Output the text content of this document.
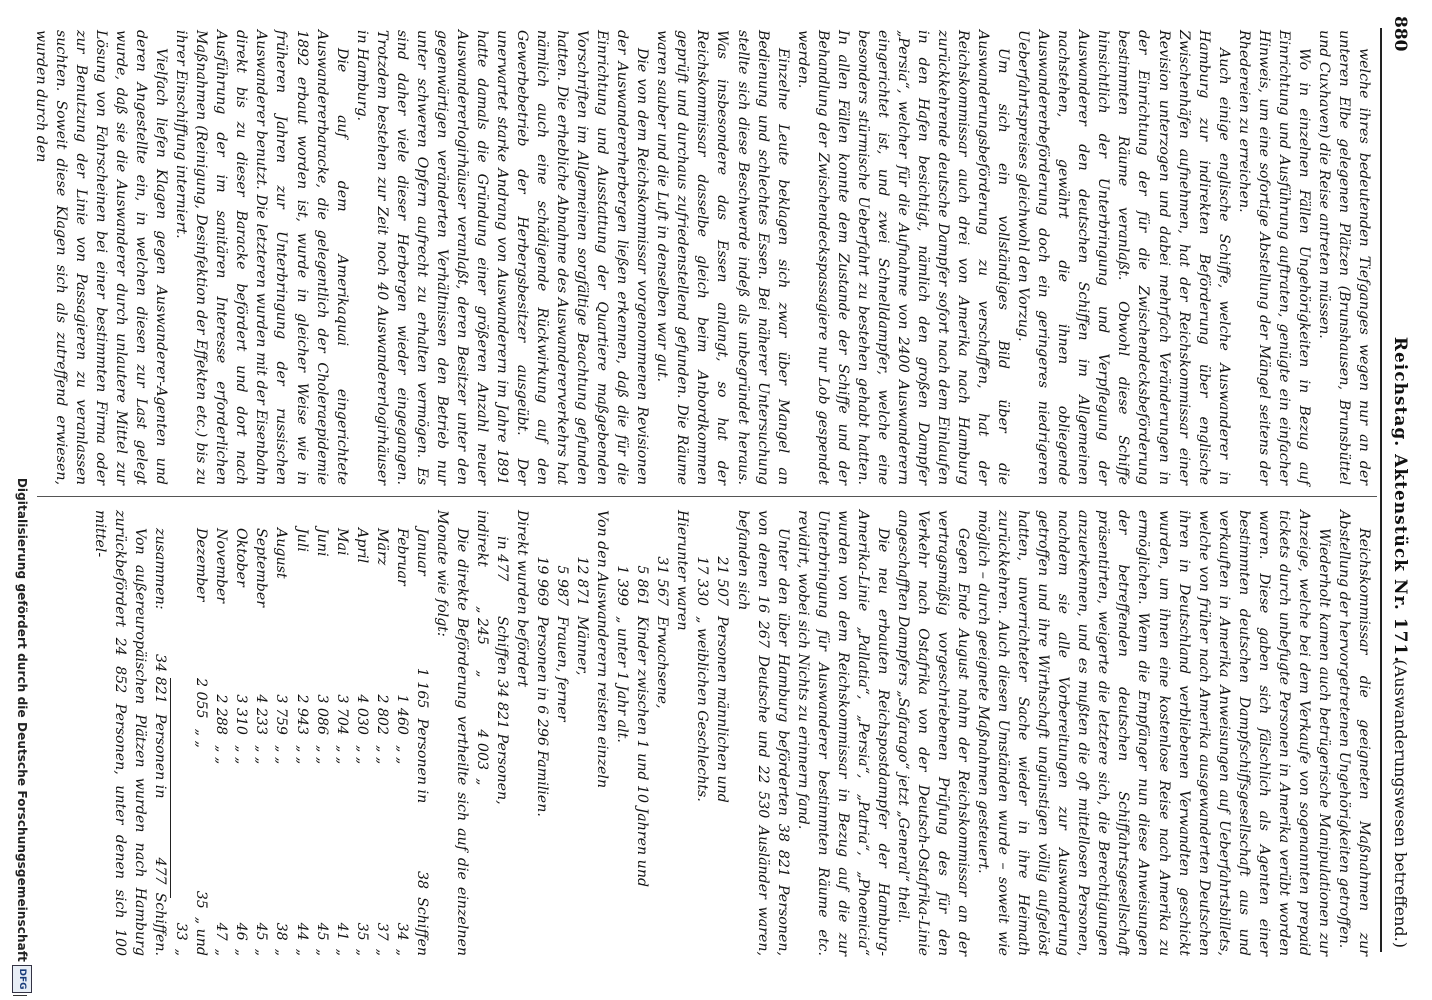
880
Reichstag. Aktenstück Nr. 171.
(Auswanderungswesen betreffend.)

welche ihres bedeutenden Tiefganges wegen nur an der unteren Elbe gelegenen Plätzen (Brunshausen, Brunsbüttel und Cuxhaven) die Reise antreten müssen.

Wo in einzelnen Fällen Ungehörigkeiten in Bezug auf Einrichtung und Ausführung auftraten, genügte ein einfacher Hinweis, um eine sofortige Abstellung der Mängel seitens der Rhedereien zu erreichen.

Auch einige englische Schiffe, welche Auswanderer in Hamburg zur indirekten Beförderung über englische Zwischenhäfen aufnehmen, hat der Reichskommissar einer Revision unterzogen und dabei mehrfach Veränderungen in der Einrichtung der für die Zwischendecksbeförderung bestimmten Räume veranlaßt. Obwohl diese Schiffe hinsichtlich der Unterbringung und Verpflegung der Auswanderer den deutschen Schiffen im Allgemeinen nachstehen, gewährt die ihnen obliegende Auswandererbeförderung doch ein geringeres niedrigeren Ueberfahrtspreises gleichwohl den Vorzug.

Um sich ein vollständiges Bild über die Auswanderungsbeförderung zu verschaffen, hat der Reichskommissar auch drei von Amerika nach Hamburg zurückkehrende deutsche Dampfer sofort nach dem Einlaufen in den Hafen besichtigt, nämlich den großen Dampfer „Persia“, welcher für die Aufnahme von 2400 Auswanderern eingerichtet ist, und zwei Schnelldampfer, welche eine besonders stürmische Ueberfahrt zu bestehen gehabt hatten. In allen Fällen konnte dem Zustande der Schiffe und der Behandlung der Zwischendeckspassagiere nur Lob gespendet werden.

Einzelne Leute beklagen sich zwar über Mangel an Bedienung und schlechtes Essen. Bei näherer Untersuchung stellte sich diese Beschwerde indeß als unbegründet heraus. Was insbesondere das Essen anlangt, so hat der Reichskommissar dasselbe gleich beim Anbordkommen geprüft und durchaus zufriedenstellend gefunden. Die Räume waren sauber und die Luft in denselben war gut.

Die von dem Reichskommissar vorgenommenen Revisionen der Auswandererherbergen ließen erkennen, daß die für die Einrichtung und Ausstattung der Quartiere maßgebenden Vorschriften im Allgemeinen sorgfältige Beachtung gefunden hatten. Die erhebliche Abnahme des Auswandererverkehrs hat nämlich auch eine schädigende Rückwirkung auf den Gewerbebetrieb der Herbergsbesitzer ausgeübt. Der unerwartet starke Andrang von Auswanderern im Jahre 1891 hatte damals die Gründung einer größeren Anzahl neuer Auswandererlogirhäuser veranlaßt, deren Besitzer unter den gegenwärtigen veränderten Verhältnissen den Betrieb nur unter schweren Opfern aufrecht zu erhalten vermögen. Es sind daher viele dieser Herbergen wieder eingegangen. Trotzdem bestehen zur Zeit noch 40 Auswandererlogirhäuser in Hamburg.

Die auf dem Amerikaquai eingerichtete Auswandererbaracke, die gelegentlich der Choleraepidemie 1892 erbaut worden ist, wurde in gleicher Weise wie in früheren Jahren zur Unterbringung der russischen Auswanderer benutzt. Die letzteren wurden mit der Eisenbahn direkt bis zu dieser Baracke befördert und dort nach Ausführung der im sanitären Interesse erforderlichen Maßnahmen (Reinigung, Desinfektion der Effekten etc.) bis zu ihrer Einschiffung interniert.

Vielfach liefen Klagen gegen Auswanderer-Agenten und deren Angestellte ein, in welchen diesen zur Last gelegt wurde, daß sie die Auswanderer durch unlautere Mittel zur Lösung von Fahrscheinen bei einer bestimmten Firma oder zur Benutzung der Linie von Passagieren zu veranlassen suchten. Soweit diese Klagen sich als zutreffend erwiesen, wurden durch den

Reichskommissar die geeigneten Maßnahmen zur Abstellung der hervorgetretenen Ungehörigkeiten getroffen.

Wiederholt kamen auch betrügerische Manipulationen zur Anzeige, welche bei dem Verkaufe von sogenannten prepaid tickets durch unbefugte Personen in Amerika verübt worden waren. Diese gaben sich fälschlich als Agenten einer bestimmten deutschen Dampfschiffsgesellschaft aus und verkauften in Amerika Anweisungen auf Ueberfahrtsbillets, welche von früher nach Amerika ausgewanderten Deutschen ihren in Deutschland verbliebenen Verwandten geschickt wurden, um ihnen eine kostenlose Reise nach Amerika zu ermöglichen. Wenn die Empfänger nun diese Anweisungen der betreffenden deutschen Schiffahrtsgesellschaft präsentirten, weigerte die letztere sich, die Berechtigungen anzuerkennen, und es mußten die oft mittellosen Personen, nachdem sie alle Vorbereitungen zur Auswanderung getroffen und ihre Wirthschaft ungünstigen völlig aufgelöst hatten, unverrichteter Sache wieder in ihre Heimath zurückkehren. Auch diesen Umständen wurde – soweit wie möglich – durch geeignete Maßnahmen gesteuert.

Gegen Ende August nahm der Reichskommissar an der vertragsmäßig vorgeschriebenen Prüfung des für den Verkehr nach Ostafrika von der Deutsch-Ostafrika-Linie angeschafften Dampfers „Safarago“ jetzt „General“ theil.

Die neu erbauten Reichspostdampfer der Hamburg-Amerika-Linie „Pallatia“, „Persia“, „Patria“, „Phoenicia“ wurden von dem Reichskommissar in Bezug auf die zur Unterbringung für Auswanderer bestimmten Räume etc. revidirt, wobei sich Nichts zu erinnern fand.

Unter den über Hamburg beförderten 38 821 Personen, von denen 16 267 Deutsche und 22 530 Ausländer waren, befanden sich

21 507
Personen männlichen und
17 330
„ weiblichen Geschlechts.
Hierunter waren
31 567
Erwachsene,
5 861
Kinder zwischen 1 und 10 Jahren und
1 399
„ unter 1 Jahr alt.
Von den Auswanderern reisten einzeln
12 871
Männer,
5 987
Frauen, ferner
19 969
Personen in 6 296 Familien.
Direkt wurden befördert
in 477
Schiffen 34 821 Personen,
indirekt
„ 245
„
4 003
„

Die direkte Beförderung vertheilte sich auf die einzelnen Monate wie folgt:

Januar
1 165
Personen in
38
Schiffen
Februar
1 460
„ „
34
„
März
2 802
„ „
37
„
April
4 030
„ „
35
„
Mai
3 704
„ „
41
„
Juni
3 086
„ „
45
„
Juli
2 943
„ „
44
„
August
3 759
„ „
38
„
September
4 233
„ „
45
„
Oktober
3 310
„ „
46
„
November
2 288
„ „
47
„
Dezember
2 055
„ „
35
„ und
33
„
zusammen:
34 821
Personen in
477
Schiffen.

Von außereuropäischen Plätzen wurden nach Hamburg zurückbefördert 24 852 Personen, unter denen sich 100 mittel-

Digitalisierung gefördert durch die Deutsche Forschungsgemeinschaft
DFG
